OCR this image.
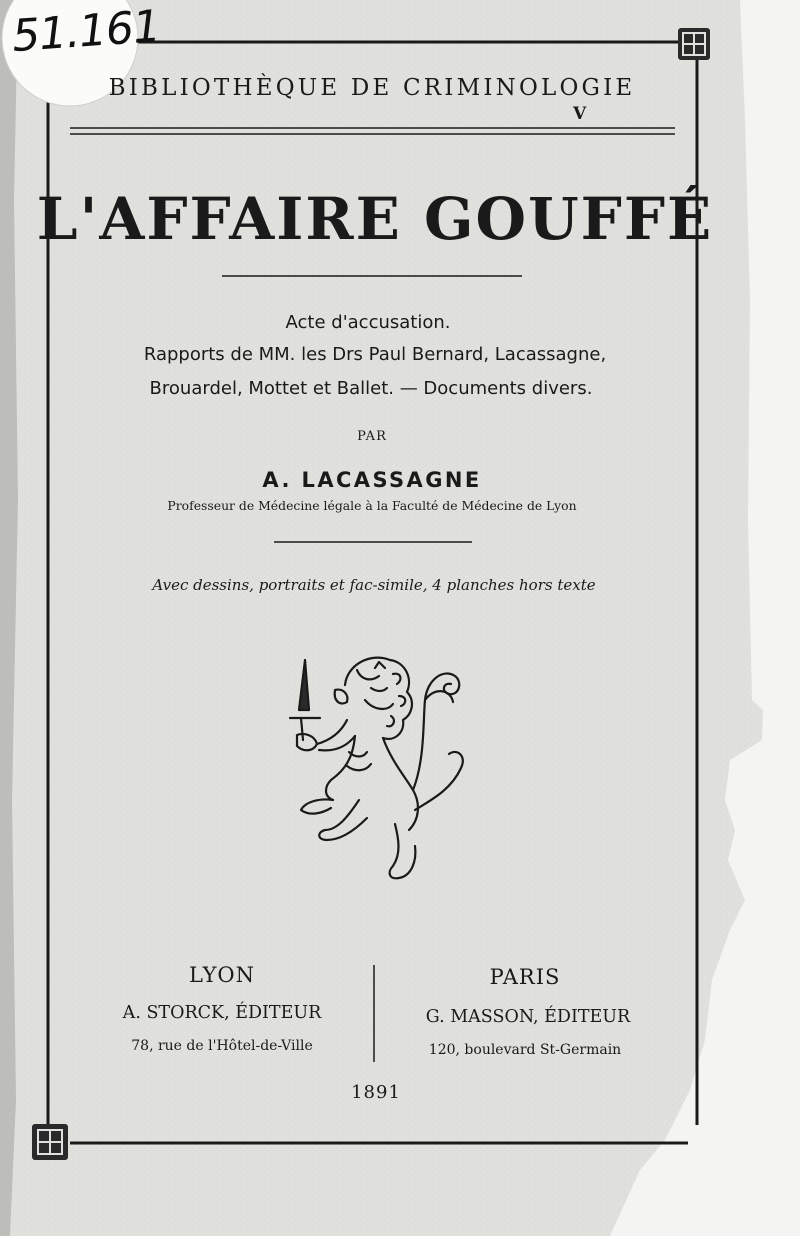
51.161
BIBLIOTHÈQUE DE CRIMINOLOGIE
V
L'AFFAIRE GOUFFÉ
Acte d'accusation.
Rapports de MM. les Drs Paul Bernard, Lacassagne,
Brouardel, Mottet et Ballet. — Documents divers.
PAR
A. LACASSAGNE
Professeur de Médecine légale à la Faculté de Médecine de Lyon
Avec dessins, portraits et fac-simile, 4 planches hors texte
LYON
A. STORCK, ÉDITEUR
78, rue de l'Hôtel-de-Ville
PARIS
G. MASSON, ÉDITEUR
120, boulevard St-Germain
1891
